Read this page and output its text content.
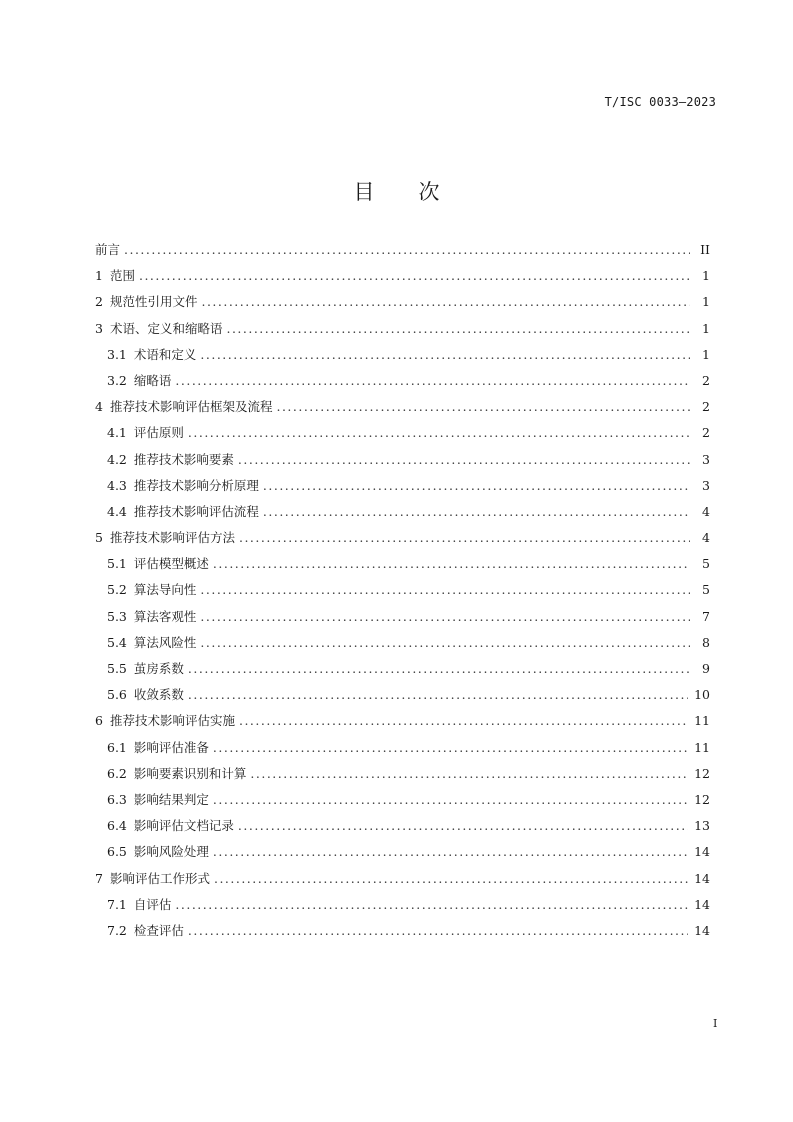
T/ISC 0033—2023
目次
前言 .....	II
1 范围 .....	1
2 规范性引用文件 .....	1
3 术语、定义和缩略语 .....	1
3.1 术语和定义 .....	1
3.2 缩略语 .....	2
4 推荐技术影响评估框架及流程 .....	2
4.1 评估原则 .....	2
4.2 推荐技术影响要素 .....	3
4.3 推荐技术影响分析原理 .....	3
4.4 推荐技术影响评估流程 .....	4
5 推荐技术影响评估方法 .....	4
5.1 评估模型概述 .....	5
5.2 算法导向性 .....	5
5.3 算法客观性 .....	7
5.4 算法风险性 .....	8
5.5 茧房系数 .....	9
5.6 收敛系数 .....	10
6 推荐技术影响评估实施 .....	11
6.1 影响评估准备 .....	11
6.2 影响要素识别和计算 .....	12
6.3 影响结果判定 .....	12
6.4 影响评估文档记录 .....	13
6.5 影响风险处理 .....	14
7 影响评估工作形式 .....	14
7.1 自评估 .....	14
7.2 检查评估 .....	14
I
